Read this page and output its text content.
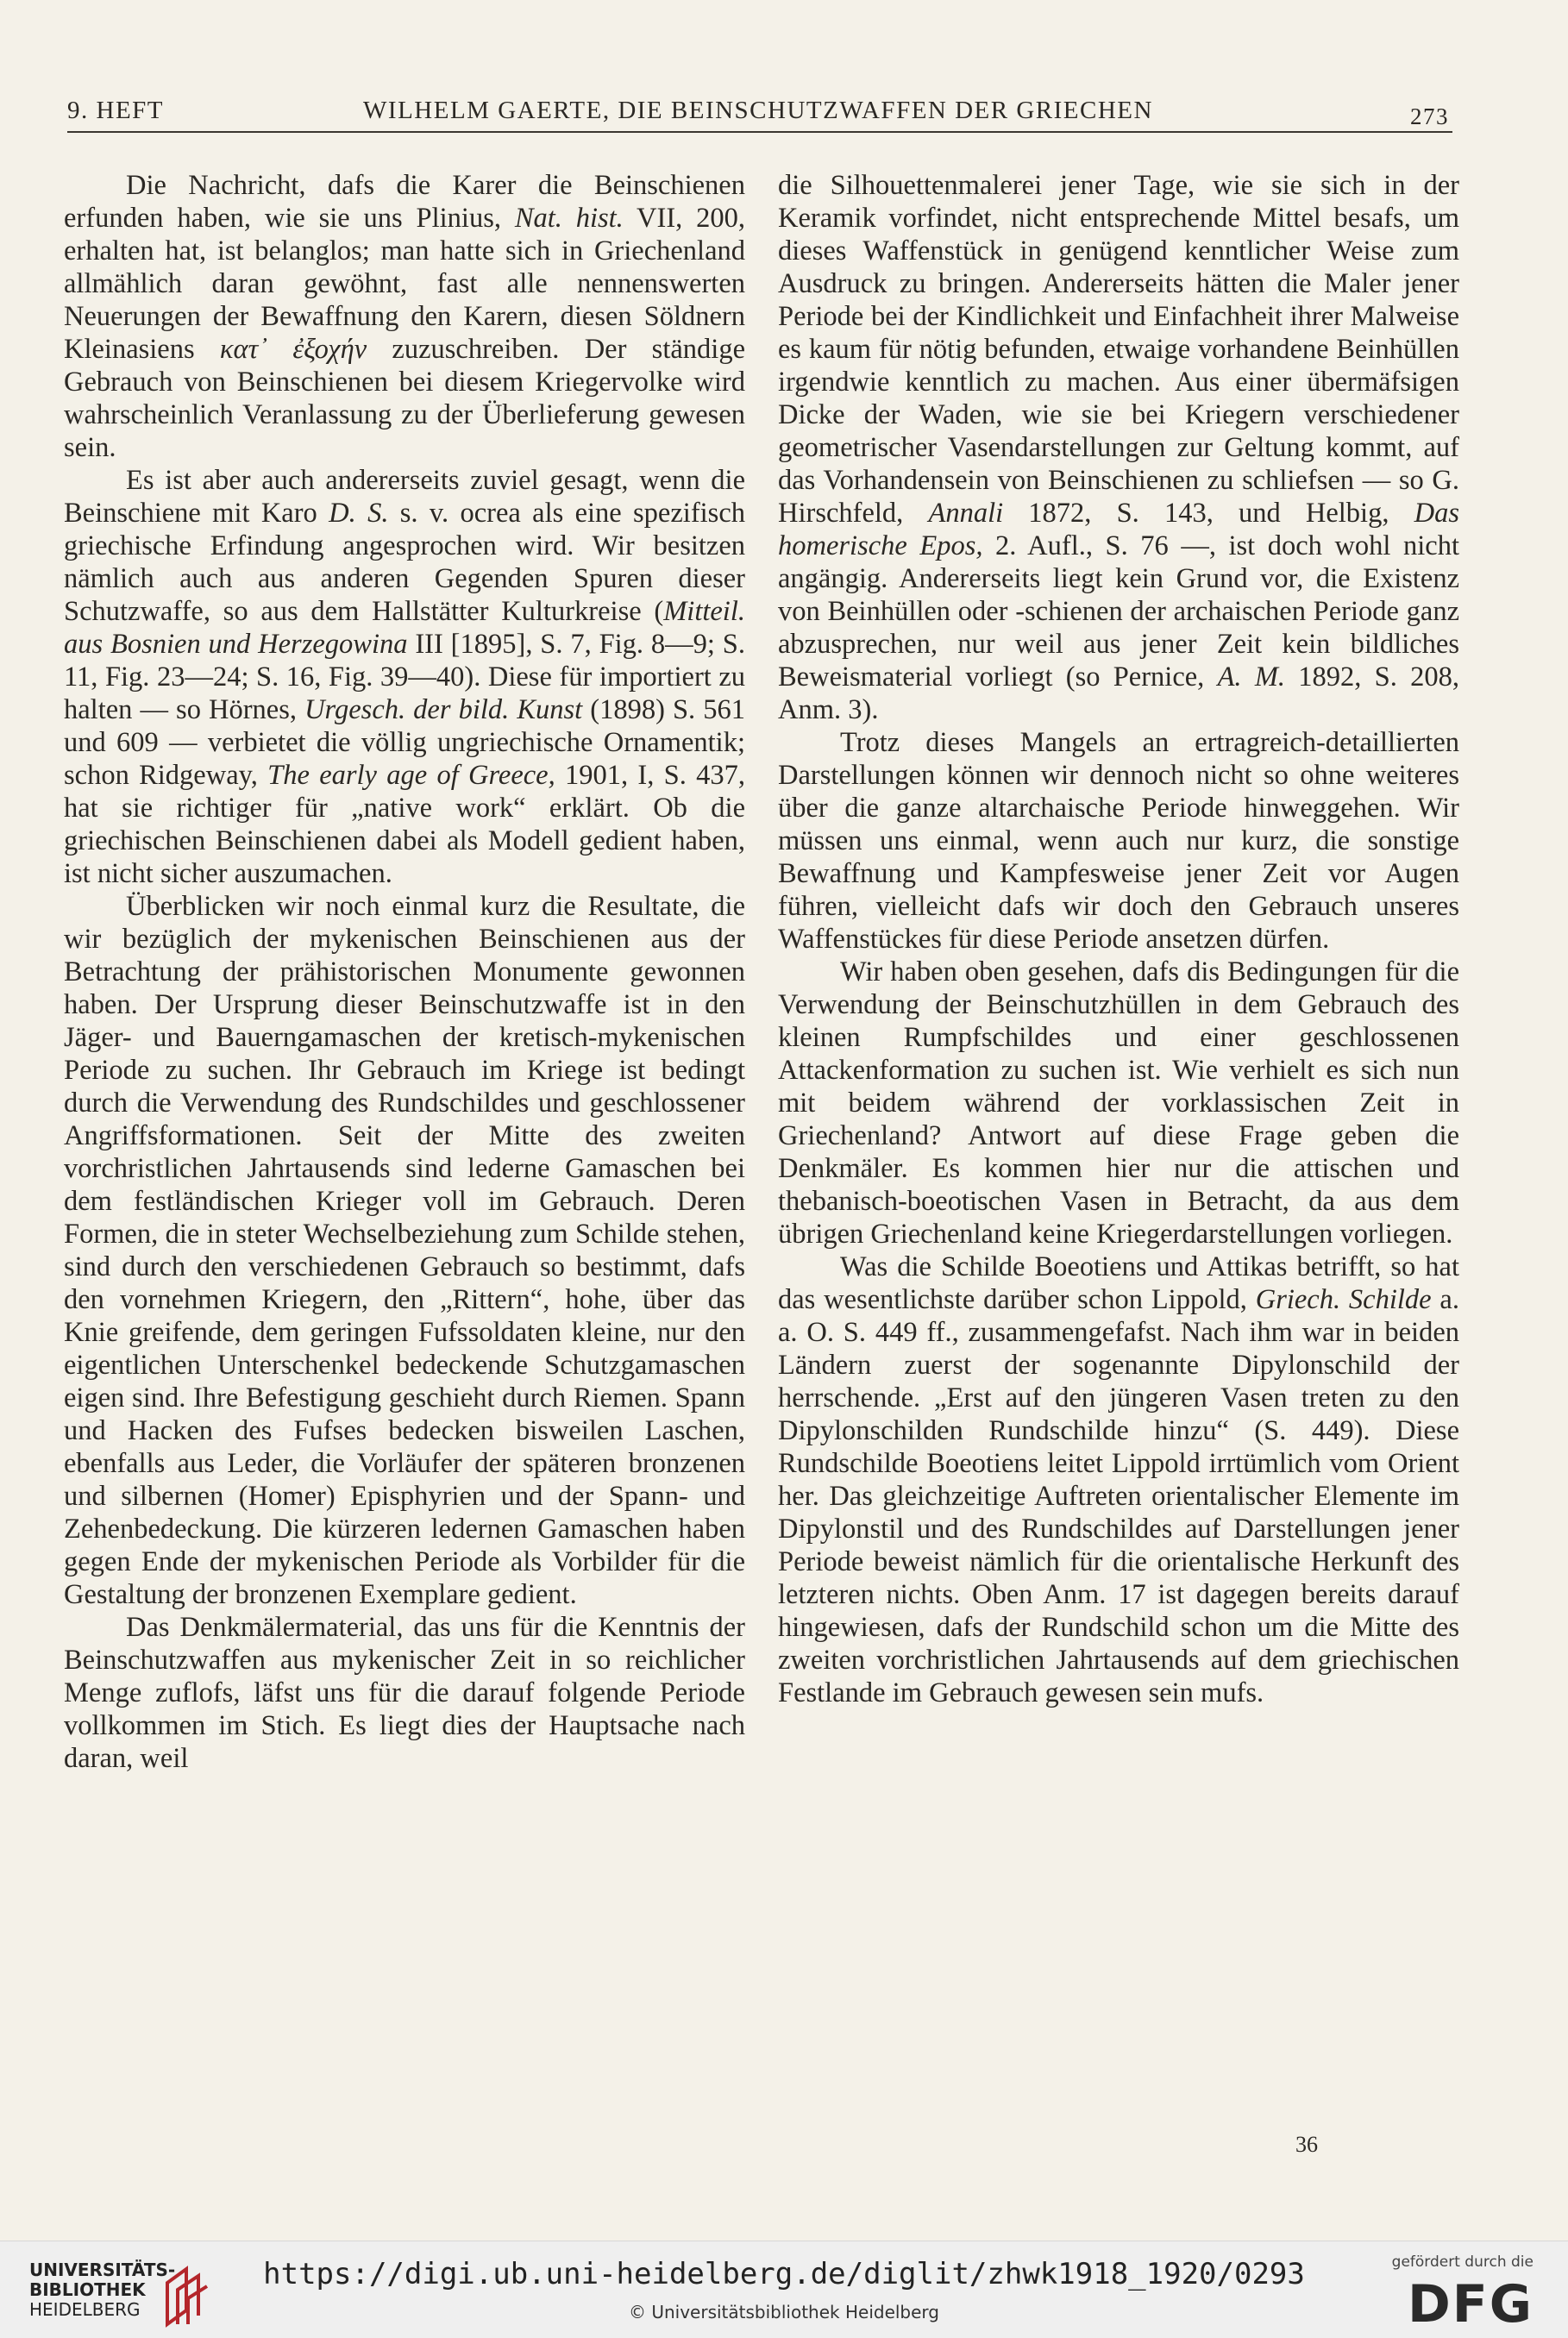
9. HEFT	WILHELM GAERTE, DIE BEINSCHUTZWAFFEN DER GRIECHEN	273

Die Nachricht, dafs die Karer die Beinschienen erfunden haben, wie sie uns Plinius, Nat. hist. VII, 200, erhalten hat, ist belanglos; man hatte sich in Griechenland allmählich daran gewöhnt, fast alle nennenswerten Neuerungen der Bewaffnung den Karern, diesen Söldnern Kleinasiens κατ᾽ ἐξοχήν zuzuschreiben. Der ständige Gebrauch von Beinschienen bei diesem Kriegervolke wird wahrscheinlich Veranlassung zu der Überlieferung gewesen sein.

Es ist aber auch andererseits zuviel gesagt, wenn die Beinschiene mit Karo D. S. s. v. ocrea als eine spezifisch griechische Erfindung angesprochen wird. Wir besitzen nämlich auch aus anderen Gegenden Spuren dieser Schutzwaffe, so aus dem Hallstätter Kulturkreise (Mitteil. aus Bosnien und Herzegowina III [1895], S. 7, Fig. 8—9; S. 11, Fig. 23—24; S. 16, Fig. 39—40). Diese für importiert zu halten — so Hörnes, Urgesch. der bild. Kunst (1898) S. 561 und 609 — verbietet die völlig ungriechische Ornamentik; schon Ridgeway, The early age of Greece, 1901, I, S. 437, hat sie richtiger für „native work“ erklärt. Ob die griechischen Beinschienen dabei als Modell gedient haben, ist nicht sicher auszumachen.

Überblicken wir noch einmal kurz die Resultate, die wir bezüglich der mykenischen Beinschienen aus der Betrachtung der prähistorischen Monumente gewonnen haben. Der Ursprung dieser Beinschutzwaffe ist in den Jäger- und Bauerngamaschen der kretisch-mykenischen Periode zu suchen. Ihr Gebrauch im Kriege ist bedingt durch die Verwendung des Rundschildes und geschlossener Angriffsformationen. Seit der Mitte des zweiten vorchristlichen Jahrtausends sind lederne Gamaschen bei dem festländischen Krieger voll im Gebrauch. Deren Formen, die in steter Wechselbeziehung zum Schilde stehen, sind durch den verschiedenen Gebrauch so bestimmt, dafs den vornehmen Kriegern, den „Rittern“, hohe, über das Knie greifende, dem geringen Fufssoldaten kleine, nur den eigentlichen Unterschenkel bedeckende Schutzgamaschen eigen sind. Ihre Befestigung geschieht durch Riemen. Spann und Hacken des Fufses bedecken bisweilen Laschen, ebenfalls aus Leder, die Vorläufer der späteren bronzenen und silbernen (Homer) Episphyrien und der Spann- und Zehenbedeckung. Die kürzeren ledernen Gamaschen haben gegen Ende der mykenischen Periode als Vorbilder für die Gestaltung der bronzenen Exemplare gedient.

Das Denkmälermaterial, das uns für die Kenntnis der Beinschutzwaffen aus mykenischer Zeit in so reichlicher Menge zuflofs, läfst uns für die darauf folgende Periode vollkommen im Stich. Es liegt dies der Hauptsache nach daran, weil

die Silhouettenmalerei jener Tage, wie sie sich in der Keramik vorfindet, nicht entsprechende Mittel besafs, um dieses Waffenstück in genügend kenntlicher Weise zum Ausdruck zu bringen. Andererseits hätten die Maler jener Periode bei der Kindlichkeit und Einfachheit ihrer Malweise es kaum für nötig befunden, etwaige vorhandene Beinhüllen irgendwie kenntlich zu machen. Aus einer übermäfsigen Dicke der Waden, wie sie bei Kriegern verschiedener geometrischer Vasendarstellungen zur Geltung kommt, auf das Vorhandensein von Beinschienen zu schliefsen — so G. Hirschfeld, Annali 1872, S. 143, und Helbig, Das homerische Epos, 2. Aufl., S. 76 —, ist doch wohl nicht angängig. Andererseits liegt kein Grund vor, die Existenz von Beinhüllen oder -schienen der archaischen Periode ganz abzusprechen, nur weil aus jener Zeit kein bildliches Beweismaterial vorliegt (so Pernice, A. M. 1892, S. 208, Anm. 3).

Trotz dieses Mangels an ertragreich-detaillierten Darstellungen können wir dennoch nicht so ohne weiteres über die ganze altarchaische Periode hinweggehen. Wir müssen uns einmal, wenn auch nur kurz, die sonstige Bewaffnung und Kampfesweise jener Zeit vor Augen führen, vielleicht dafs wir doch den Gebrauch unseres Waffenstückes für diese Periode ansetzen dürfen.

Wir haben oben gesehen, dafs dis Bedingungen für die Verwendung der Beinschutzhüllen in dem Gebrauch des kleinen Rumpfschildes und einer geschlossenen Attackenformation zu suchen ist. Wie verhielt es sich nun mit beidem während der vorklassischen Zeit in Griechenland? Antwort auf diese Frage geben die Denkmäler. Es kommen hier nur die attischen und thebanisch-boeotischen Vasen in Betracht, da aus dem übrigen Griechenland keine Kriegerdarstellungen vorliegen.

Was die Schilde Boeotiens und Attikas betrifft, so hat das wesentlichste darüber schon Lippold, Griech. Schilde a. a. O. S. 449 ff., zusammengefafst. Nach ihm war in beiden Ländern zuerst der sogenannte Dipylonschild der herrschende. „Erst auf den jüngeren Vasen treten zu den Dipylonschilden Rundschilde hinzu“ (S. 449). Diese Rundschilde Boeotiens leitet Lippold irrtümlich vom Orient her. Das gleichzeitige Auftreten orientalischer Elemente im Dipylonstil und des Rundschildes auf Darstellungen jener Periode beweist nämlich für die orientalische Herkunft des letzteren nichts. Oben Anm. 17 ist dagegen bereits darauf hingewiesen, dafs der Rundschild schon um die Mitte des zweiten vorchristlichen Jahrtausends auf dem griechischen Festlande im Gebrauch gewesen sein mufs.

36
UNIVERSITÄTS-
BIBLIOTHEK
HEIDELBERG
https://digi.ub.uni-heidelberg.de/diglit/zhwk1918_1920/0293
© Universitätsbibliothek Heidelberg
gefördert durch die
DFG
